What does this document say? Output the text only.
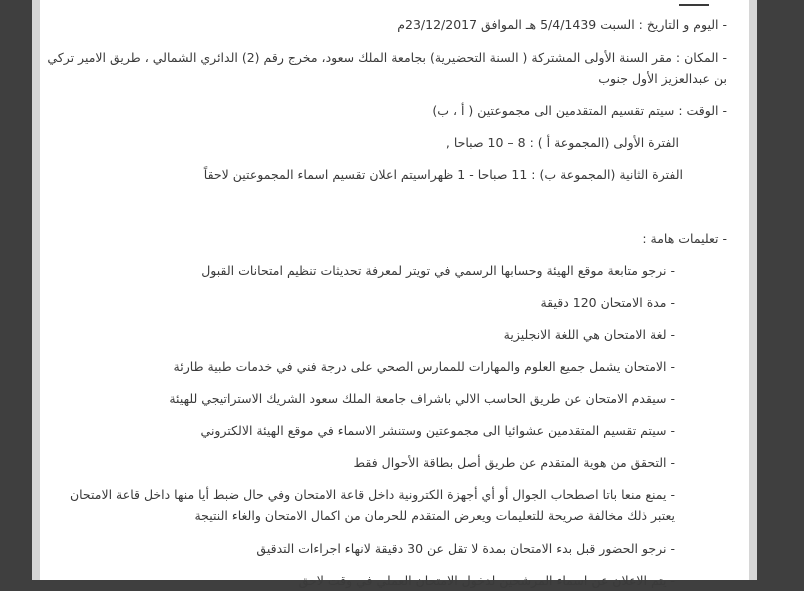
- اليوم و التاريخ : السبت 5/4/1439 هـ الموافق 23/12/2017م
- المكان : مقر السنة الأولى المشتركة ( السنة التحضيرية) بجامعة الملك سعود، مخرج رقم (2) الدائري الشمالي ، طريق الامير تركي بن عبدالعزيز الأول جنوب
- الوقت : سيتم تقسيم المتقدمين الى مجموعتين ( أ ، ب)
الفترة الأولى (المجموعة أ ) : 8 – 10 صباحا ,
الفترة الثانية (المجموعة ب) : 11 صباحا - 1 ظهراسيتم اعلان تقسيم اسماء المجموعتين لاحقاً
- تعليمات هامة :
- نرجو متابعة موقع الهيئة وحسابها الرسمي في تويتر لمعرفة تحديثات تنظيم امتحانات القبول
- مدة الامتحان 120 دقيقة
- لغة الامتحان هي اللغة الانجليزية
- الامتحان يشمل جميع العلوم والمهارات للممارس الصحي على درجة فني في خدمات طبية طارئة
- سيقدم الامتحان عن طريق الحاسب الالي باشراف جامعة الملك سعود الشريك الاستراتيجي للهيئة
- سيتم تقسيم المتقدمين عشوائيا الى مجموعتين وستنشر الاسماء في موقع الهيئة الالكتروني
- التحقق من هوية المتقدم عن طريق أصل بطاقة الأحوال فقط
- يمنع منعا باتا اصطحاب الجوال أو أي أجهزة الكترونية داخل قاعة الامتحان وفي حال ضبط أيا منها داخل قاعة الامتحان يعتبر ذلك مخالفة صريحة للتعليمات ويعرض المتقدم للحرمان من اكمال الامتحان والغاء النتيجة
- نرجو الحضور قبل بدء الامتحان بمدة لا تقل عن 30 دقيقة لانهاء اجراءات التدقيق
- يتم الاعلان عن اسماء المرشحين لدخول الامتحان العملي في وقت لاحق
